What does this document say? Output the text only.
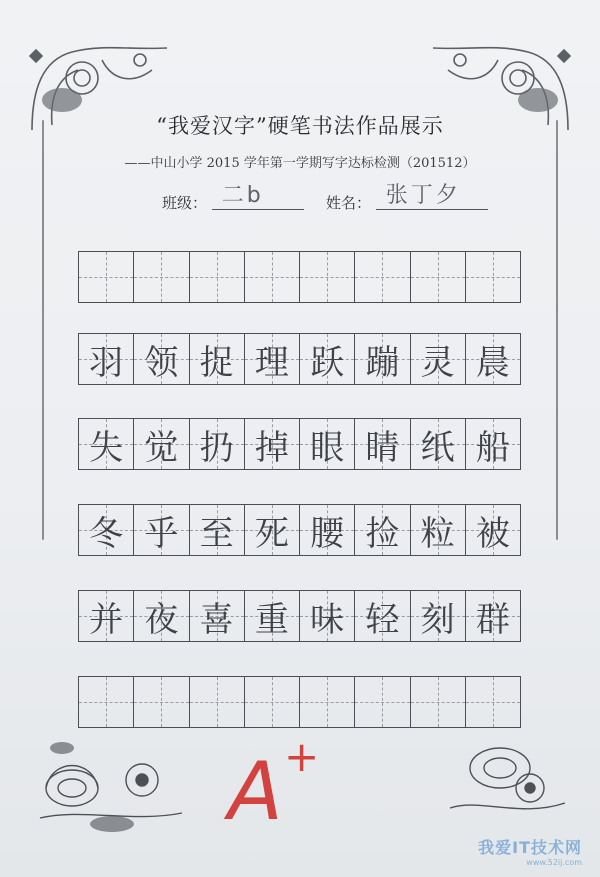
“我爱汉字”硬笔书法作品展示
——中山小学 2015 学年第一学期写字达标检测（201512）
班级： 二b	姓名： 张丁夕
羽 领 捉 理 跃 蹦 灵 晨
失 觉 扔 掉 眼 睛 纸 船
冬 乎 至 死 腰 捡 粒 被
并 夜 喜 重 味 轻 刻 群
A +
我爱IT技术网
www.52ij.com
